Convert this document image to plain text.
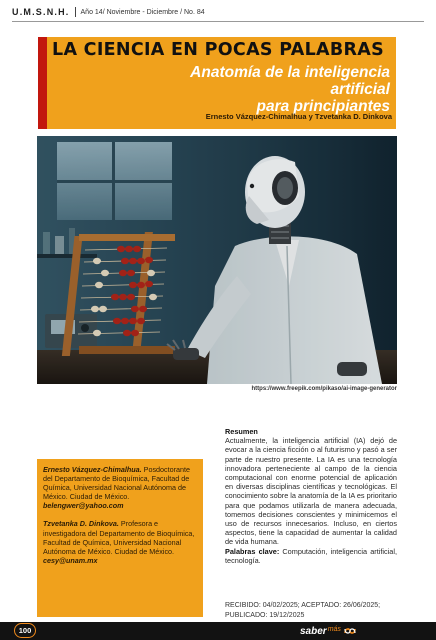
U.M.S.N.H. Año 14/ Noviembre - Diciembre / No. 84
LA CIENCIA EN POCAS PALABRAS
Anatomía de la inteligencia artificial
para principiantes
Ernesto Vázquez-Chimalhua y Tzvetanka D. Dinkova
https://www.freepik.com/pikaso/ai-image-generator

Ernesto Vázquez-Chimalhua. Posdoctorante del Departamento de Bioquímica, Facultad de Química, Universidad Nacional Autónoma de México. Ciudad de México.
belengwer@yahoo.com

Tzvetanka D. Dinkova. Profesora e investigadora del Departamento de Bioquímica, Facultad de Química, Universidad Nacional Autónoma de México. Ciudad de México.
cesy@unam.mx

Resumen
Actualmente, la inteligencia artificial (IA) dejó de evocar a la ciencia ficción o al futurismo y pasó a ser parte de nuestro presente. La IA es una tecnología innovadora perteneciente al campo de la ciencia computacional con enorme potencial de aplicación en diversas disciplinas científicas y tecnológicas. El conocimiento sobre la anatomía de la IA es prioritario para que podamos utilizarla de manera adecuada, tomemos decisiones conscientes y minimicemos el uso de recursos innecesarios. Incluso, en ciertos aspectos, tiene la capacidad de aumentar la calidad de vida humana.
Palabras clave: Computación, inteligencia artificial, tecnología.
RECIBIDO: 04/02/2025; ACEPTADO: 26/06/2025;
PUBLICADO: 19/12/2025
100	saber más
